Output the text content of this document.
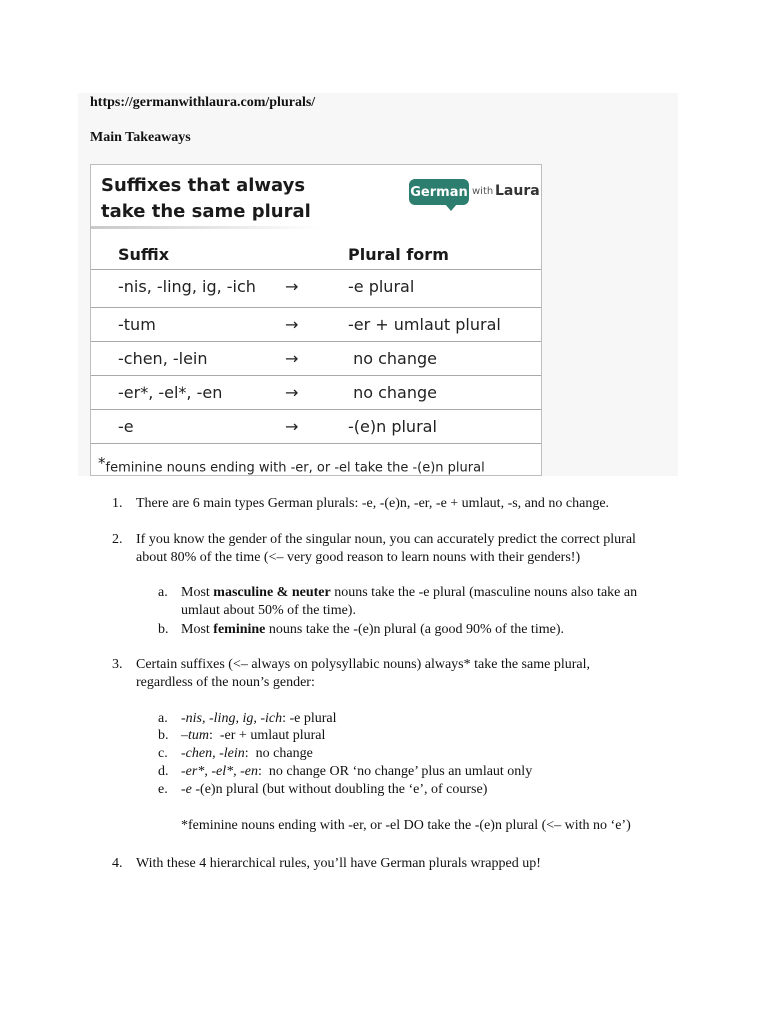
https://germanwithlaura.com/plurals/
Main Takeaways
Suffixes that always
take the same plural
German with Laura
Suffix	Plural form
-nis, -ling, ig, -ich →	-e plural
-tum	→	-er + umlaut plural
-chen, -lein	→	no change
-er*, -el*, -en	→	no change
-e	→	-(e)n plural
*feminine nouns ending with -er, or -el take the -(e)n plural
1. There are 6 main types German plurals: -e, -(e)n, -er, -e + umlaut, -s, and no change.
2. If you know the gender of the singular noun, you can accurately predict the correct plural
about 80% of the time (<– very good reason to learn nouns with their genders!)
a. Most masculine & neuter nouns take the -e plural (masculine nouns also take an
umlaut about 50% of the time).
b. Most feminine nouns take the -(e)n plural (a good 90% of the time).
3. Certain suffixes (<– always on polysyllabic nouns) always* take the same plural,
regardless of the noun’s gender:
a. -nis, -ling, ig, -ich: -e plural
b. –tum:  -er + umlaut plural
c. -chen, -lein:  no change
d. -er*, -el*, -en:  no change OR ‘no change’ plus an umlaut only
e. -e -(e)n plural (but without doubling the ‘e’, of course)
*feminine nouns ending with -er, or -el DO take the -(e)n plural (<– with no ‘e’)
4. With these 4 hierarchical rules, you’ll have German plurals wrapped up!
